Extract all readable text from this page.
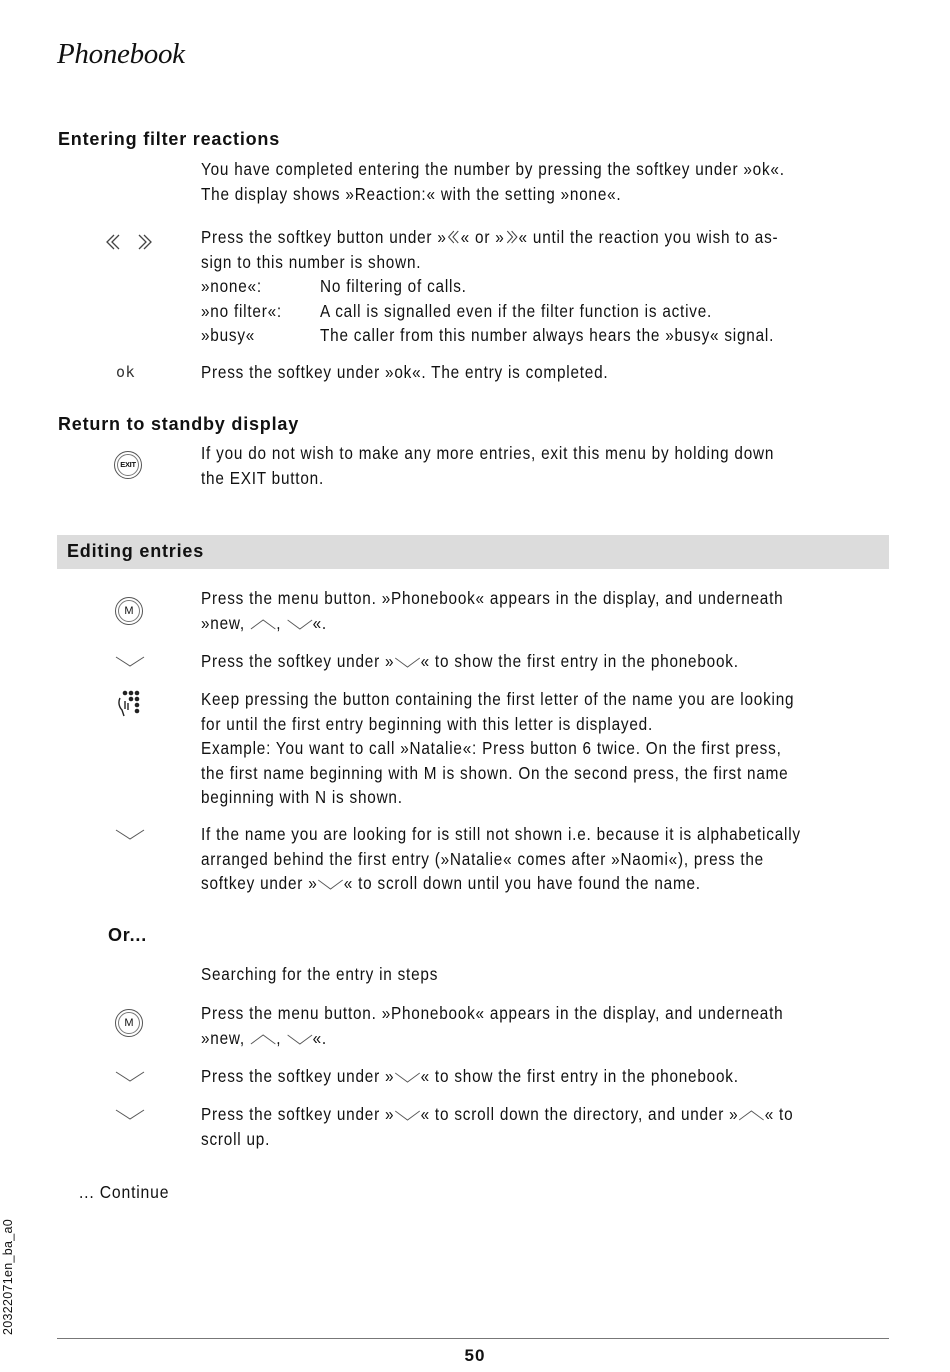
Phonebook
Entering filter reactions
You have completed entering the number by pressing the softkey under »ok«.
The display shows »Reaction:« with the setting »none«.
Press the softkey button under » « or » « until the reaction you wish to as-
sign to this number is shown.
»none«:	No filtering of calls.
»no filter«:	A call is signalled even if the filter function is active.
»busy«	The caller from this number always hears the »busy« signal.
ok	Press the softkey under »ok«. The entry is completed.
Return to standby display
EXIT
If you do not wish to make any more entries, exit this menu by holding down
the EXIT button.
Editing entries
M
Press the menu button. »Phonebook« appears in the display, and underneath
»new, , «.
Press the softkey under » « to show the first entry in the phonebook.
Keep pressing the button containing the first letter of the name you are looking
for until the first entry beginning with this letter is displayed.
Example: You want to call »Natalie«: Press button 6 twice. On the first press,
the first name beginning with M is shown. On the second press, the first name
beginning with N is shown.
If the name you are looking for is still not shown i.e. because it is alphabetically
arranged behind the first entry (»Natalie« comes after »Naomi«), press the
softkey under » « to scroll down until you have found the name.
Or...
Searching for the entry in steps
M	Press the menu button. »Phonebook« appears in the display, and underneath
»new, , «.
Press the softkey under » « to show the first entry in the phonebook.
Press the softkey under » « to scroll down the directory, and under » « to
scroll up.
... Continue
20322071en_ba_a0
50
